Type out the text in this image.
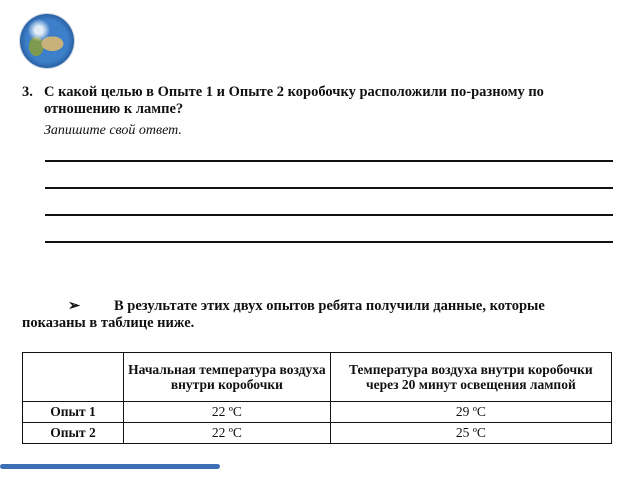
3. С какой целью в Опыте 1 и Опыте 2 коробочку расположили по-разному по отношению к лампе?
Запишите свой ответ.
➢	В результате этих двух опытов ребята получили данные, которые
показаны в таблице ниже.
	Начальная температура воздуха внутри коробочки	Температура воздуха внутри коробочки через 20 минут освещения лампой
Опыт 1	22 ºС	29 ºС
Опыт 2	22 ºС	25 ºС
